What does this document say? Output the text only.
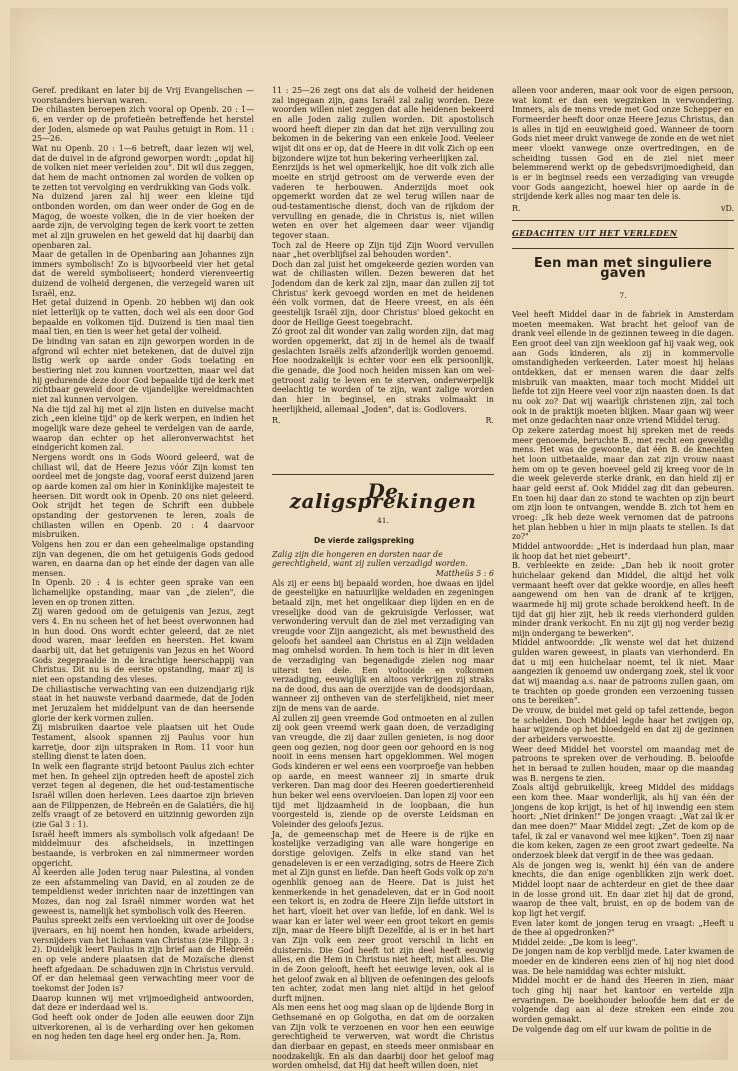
Geref. predikant en later bij de Vrij Evangelischen — voorstanders hiervan waren.

De chiliasten beroepen zich vooral op Openb. 20 : 1—6, en verder op de profetieën betreffende het herstel der Joden, alsmede op wat Paulus getuigt in Rom. 11 : 25—26.

Wat nu Openb. 20 : 1—6 betreft, daar lezen wij wel, dat de duivel in de afgrond geworpen wordt: „opdat hij de volken niet meer verleiden zou". Dit wil dus zeggen, dat hem de macht ontnomen zal worden de volken op te zetten tot vervolging en verdrukking van Gods volk.

Na duizend jaren zal hij weer een kleine tijd ontbonden worden, om dan weer onder de Gog en de Magog, de woeste volken, die in de vier hoeken der aarde zijn, de vervolging tegen de kerk voort te zetten met al zijn gruwelen en het geweld dat hij daarbij dan openbaren zal.

Maar de getallen in de Openbaring aan Johannes zijn immers symbolisch! Zo is bijvoorbeeld vier het getal dat de wereld symboliseert; honderd vierenveertig duizend de volheid dergenen, die verzegeld waren uit Israël, enz.

Het getal duizend in Openb. 20 hebben wij dan ook niet letterlijk op te vatten, doch wel als een door God bepaalde en volkomen tijd. Duizend is tien maal tien maal tien, en tien is weer het getal der volheid.

De binding van satan en zijn geworpen worden in de afgrond wil echter niet betekenen, dat de duivel zijn listig werk op aarde onder Gods toelating en bestiering niet zou kunnen voortzetten, maar wel dat hij gedurende deze door God bepaalde tijd de kerk met zichtbaar geweld door de vijandelijke wereldmachten niet zal kunnen vervolgen.

Na die tijd zal hij met al zijn listen en duivelse macht zich „een kleine tijd" op de kerk werpen, en indien het mogelijk ware deze geheel te verdelgen van de aarde, waarop dan echter op het alleronverwachtst het eindgericht komen zal.

Nergens wordt ons in Gods Woord geleerd, wat de chiliast wil, dat de Heere Jezus vóór Zijn komst ten oordeel met de jongste dag, vooraf eerst duizend jaren op aarde komen zal om hier in Koninklijke majesteit te heersen. Dit wordt ook in Openb. 20 ons niet geleerd. Ook strijdt het tegen de Schrift een dubbele opstanding der gestorvenen te leren, zoals de chiliasten willen en Openb. 20 : 4 daarvoor misbruiken.

Volgens hen zou er dan een geheelmalige opstanding zijn van degenen, die om het getuigenis Gods gedood waren, en daarna dan op het einde der dagen van alle mensen.

In Openb. 20 : 4 is echter geen sprake van een lichamelijke opstanding, maar van „de zielen", die leven en op tronen zitten.

Zij waren gedood om de getuigenis van Jezus, zegt vers 4. En nu scheen het of het beest overwonnen had in hun dood. Ons wordt echter geleerd, dat ze niet dood waren, maar leefden en heersten. Het kwam daarbij uit, dat het getuigenis van Jezus en het Woord Gods zegepraalde in de krachtige heerschappij van Christus. Dit nu is de eerste opstanding, maar zij is niet een opstanding des vleses.

De chiliastische verwachting van een duizendjarig rijk staat in het nauwste verband daarmede, dat de Joden met Jeruzalem het middelpunt van de dan heersende glorie der kerk vormen zullen.

Zij misbruiken daartoe vele plaatsen uit het Oude Testament, alsook spannen zij Paulus voor hun karretje, door zijn uitspraken in Rom. 11 voor hun stelling dienst te laten doen.

In welk een flagrante strijd betoont Paulus zich echter met hen. In geheel zijn optreden heeft de apostel zich verzet tegen al degenen, die het oud-testamentische Israël willen doen herleven. Lees daartoe zijn brieven aan de Filippenzen, de Hebreën en de Galatiërs, die hij zelfs vraagt of ze betoverd en uitzinnig geworden zijn (zie Gal 3 : 1).

Israël heeft immers als symbolisch volk afgedaan! De middelmuur des afscheidsels, in inzettingen bestaande, is verbroken en zal nimmermeer worden opgericht.

Al keerden alle Joden terug naar Palestina, al vonden ze een afstammeling van David, en al zouden ze de tempeldienst weder inrichten naar de inzettingen van Mozes, dan nog zal Israël nimmer worden wat het geweest is, namelijk het symbolisch volk des Heeren.

Paulus spreekt zelfs een vervloeking uit over de Joodse ijveraars, en hij noemt hen honden, kwade arbeiders, versnijders van het lichaam van Christus (zie Filipp. 3 : 2). Duidelijk leert Paulus in zijn brief aan de Hebreën en op vele andere plaatsen dat de Mozaïsche dienst heeft afgedaan. De schaduwen zijn in Christus vervuld.

Of er dan helemaal geen verwachting meer voor de toekomst der Joden is?

Daarop kunnen wij met vrijmoedigheid antwoorden, dat deze er inderdaad wel is.

God heeft ook onder de Joden alle eeuwen door Zijn uitverkorenen, al is de verharding over hen gekomen en nog heden ten dage heel erg onder hen. Ja, Rom.

11 : 25—26 zegt ons dat als de volheid der heidenen zal ingegaan zijn, gans Israël zal zalig worden. Deze woorden willen niet zeggen dat alle heidenen bekeerd en alle Joden zalig zullen worden. Dit apostolisch woord heeft dieper zin dan dat het zijn vervulling zou bekomen in de bekering van een enkele Jood. Veeleer wijst dit ons er op, dat de Heere in dit volk Zich op een bijzondere wijze tot hun bekering verheerlijken zal.

Eenrzijds is het wel opmerkelijk, hoe dit volk zich alle moeite en strijd getroost om de verwerde even der vaderen te herbouwen. Anderzijds moet ook opgemerkt worden dat ze wel terug willen naar de oud-testamentische dienst, doch van de rijkdom der vervulling en genade, die in Christus is, niet willen weten en over het algemeen daar weer vijandig tegover staan.

Toch zal de Heere op Zijn tijd Zijn Woord vervullen naar „het overblijfsel zal behouden worden".

Doch dan zal juist het omgekeerde gezien worden van wat de chiliasten willen. Dezen beweren dat het Jodendom dan de kerk zal zijn, maar dan zullen zij tot Christus' kerk gevoegd worden en met de heidenen één volk vormen, dat de Heere vreest, en als één geestelijk Israël zijn, door Christus' bloed gekocht en door de Heilige Geest toegebracht.

Zó groot zal dit wonder van zalig worden zijn, dat mag worden opgemerkt, dat zij in de hemel als de twaalf geslachten Israëls zelfs afzonderlijk worden genoemd. Hoe noodzakelijk is echter voor een elk persoonlijk, die genade, die Jood noch heiden missen kan om wel-getroost zalig te leven en te sterven, onderwerpelijk deelachtig te worden of te zijn, want zalige worden dan hier in beginsel, en straks volmaakt in heerlijkheid, allemaal „Joden", dat is: Godlovers.

R.	R.
De zaligsprekingen
41.
De vierde zaligspreking

Zalig zijn die hongeren en dorsten naar de gerechtigheid, want zij zullen verzadigd worden.

Mattheüs 5 : 6

Als zij er eens bij bepaald worden, hoe dwaas en ijdel de geestelijke en natuurlijke weldaden en zegeningen betaald zijn, met het ongelikaar diep lijden en en de vreselijke dood van de gekruisigde Verlosser, wat verwondering vervult dan de ziel met verzadiging van vreugde voor Zijn aangezicht, als met bewustheid des geloofs het aandeel aan Christus en al Zijn weldaden mag omhelsd worden. In hem toch is hier in dit leven de verzadiging van begenadigde zielen nog maar uiterst ten dele. Een voltooide en volkomen verzadiging, eeuwiglijk en altoos verkrijgen zij straks na de dood, dus aan de overzijde van de doodsjordaan, wanneer zij ontheven van de sterfelijkheid, niet meer zijn de mens van de aarde.

Al zullen zij geen vreemde God ontmoeten en al zullen zij ook geen vreemd werk gaan doen, de verzadiging van vreugde, die zij daar zullen genieten, is nog door geen oog gezien, nog door geen oor gehoord en is nog nooit in eens mensen hart opgeklommen. Wel mogen Gods kinderen er wel eens een voorproefje van hebben op aarde, en meest wanneer zij in smarte druk verkeren. Dan mag door des Heeren goedertierenheid hun beker wel eens overvloeien. Dan lopen zij voor een tijd met lijdzaamheid in de loopbaan, die hun voorgesteld is, ziende op de overste Leidsman en Voleinder des geloofs Jezus.

Ja, de gemeenschap met de Heere is de rijke en kostelijke verzadiging van alle ware hongerige en dorstige gelovigen. Zelfs in elke stand van het genadeleven is er een verzadiging, sotrs de Heere Zich met al Zijn gunst en liefde. Dan heeft Gods volk op zo'n ogenblik genoeg aan de Heere. Dat is juist het kenmerkende in het genadeleven, dat er in God nooit een tekort is, en zodra de Heere Zijn liefde uitstort in het hart, vloeit het over van liefde, lof en dank. Wel is waar kan er later wel weer een groot tekort en gemis zijn, maar de Heere blijft Dezelfde, al is er in het hart van Zijn volk een zeer groot verschil in licht en duisternis. Die God heeft tot zijn deel heeft eeuwig alles, en die Hem in Christus niet heeft, mist alles. Die in de Zoon gelooft, heeft het eeuwige leven, ook al is het geloof zwak en al blijven de oefeningen des geloofs ten achter, zodat men lang niet altijd in het geloof durft mijnen.

Als men eens het oog mag slaan op de lijdende Borg in Gethsemané en op Golgotha, en dat om de oorzaken van Zijn volk te verzoenen en voor hen een eeuwige gerechtigheid te verwerven, wat wordt die Christus dan dierbaar en gepast, en steeds meer onmisbaar en noodzakelijk. En als dan daarbij door het geloof mag worden omhelsd, dat Hij dat heeft willen doen, niet

alleen voor anderen, maar ook voor de eigen persoon, wat komt er dan een wegzinken in verwondering. Immers, als de mens vrede met God onze Schepper en Formeerder heeft door onze Heere Jezus Christus, dan is alles in tijd en eeuwigheid goed. Wanneer de toorn Gods niet meer drukt vanwege de zonde en de wet niet meer vloekt vanwege onze overtredingen, en de scheiding tussen God en de ziel niet meer belemmerend werkt op de gebedsvrijmoedigheid, dan is er in beginsel reeds een verzadiging van vreugde voor Gods aangezicht, hoewel hier op aarde in de strijdende kerk alles nog maar ten dele is.

R.	vD.
GEDACHTEN UIT HET VERLEDEN
Een man met singuliere gaven
7.

Veel heeft Middel daar in de fabriek in Amsterdam moeten meemaken. Wat bracht het geloof van de drank veel ellende in de gezinnen teweeg in die dagen. Een groot deel van zijn weekloon gaf hij vaak weg, ook aan Gods kinderen, als zij in kommervolle omstandigheden verkeerden. Later moest hij helaas ontdekken, dat er mensen waren die daar zelfs misbruik van maakten, maar toch mocht Middel uit liefde tot zijn Heere veel voor zijn naasten doen. Is dat nu ook zo? Dat wij waarlijk christenen zijn, zal toch ook in de praktijk moeten blijken. Maar gaan wij weer met onze gedachten naar onze vriend Middel terug.

Op zekere zaterdag moest hij spreken met de reeds meer genoemde, beruchte B., met recht een geweldig mens. Het was de gewoonte, dat één B. de knechten het loon uitbetaalde, maar dan zat zijn vrouw naast hem om op te geven hoeveel geld zij kreeg voor de in die week geleverde sterke drank, en dan hield zij er haar geld eerst af. Ook Middel zag dit dan gebeuren. En toen hij daar dan zo stond te wachten op zijn beurt om zijn loon te ontvangen, wendde B. zich tot hem en vroeg: „Ik heb deze week vernomen dat de patroons het plan hebben u hier in mijn plaats te stellen. Is dat zo?"

Middel antwoordde: „Het is inderdaad hun plan, maar ik hoop dat het niet gebeurt".

B. verbleekte en zeide: „Dan heb ik nooit groter huichelaar gekend dan Middel, die altijd het volk vermaant heeft over dat gekke woordje, en alles heeft aangewend om hen van de drank af te krijgen, waarmede hij mij grote schade berokkend heeft. In de tijd dat gij hier zijt, heb ik reeds vierhonderd gulden minder drank verkocht. En nu zijt gij nog verder bezig mijn ondergang te bewerken".

Middel antwoordde: „Ik wenste wel dat het duizend gulden waren geweest, in plaats van vierhonderd. En dat u mij een huichelaar noemt, tel ik niet. Maar aangezien ik genoemd uw ondergang zoek, stel ik voor dat wij maandag a.s. naar de patroons zullen gaan, om te trachten op goede gronden een verzoening tussen ons te bereiken".

De vrouw, de buidel met geld op tafel zettende, begon te schelden. Doch Middel legde haar het zwijgen op, haar wijzende op het bloedgeld en dat zij de gezinnen der arbeiders verwoestte.

Weer deed Middel het voorstel om maandag met de patroons te spreken over de verhouding. B. beloofde het in beraad te zullen houden, maar op die maandag was B. nergens te zien.

Zoals altijd gebruikelijk, kreeg Middel des middags een kom thee. Maar wonderlijk, als hij van één der jongens de kop krijgt, is het of hij inwendig een stem hoort: „Niet drinken!" De jongen vraagt: „Wat zal ik er dan mee doen?" Maar Middel zegt: „Zet de kom op de tafel, ik zal er vanavond wel mee kijken". Toen zij naar die kom keken, zagen ze een groot zwart gedeelte. Na onderzoek bleek dat vergif in de thee was gedaan.

Als de jongen weg is, wenkt hij één van de andere knechts, die dan enige ogenblikken zijn werk doet. Middel loopt naar de achterdeur en giet de thee daar in de losse grond uit. En daar ziet hij dat de grond, waarop de thee valt, bruist, en op de bodem van de kop ligt het vergif.

Even later komt de jongen terug en vraagt: „Heeft u de thee al opgedronken?"

Middel zeide: „De kom is leeg".

De jongen nam de kop verblijd mede. Later kwamen de moeder en de kinderen eens zien of hij nog niet dood was. De hele namiddag was echter mislukt.

Middel mocht er de hand des Heeren in zien, maar toch ging hij naar het kantoor en vertelde zijn ervaringen. De boekhouder beloofde hem dat er de volgende dag aan al deze streken een einde zou worden gemaakt.

De volgende dag om elf uur kwam de politie in de
